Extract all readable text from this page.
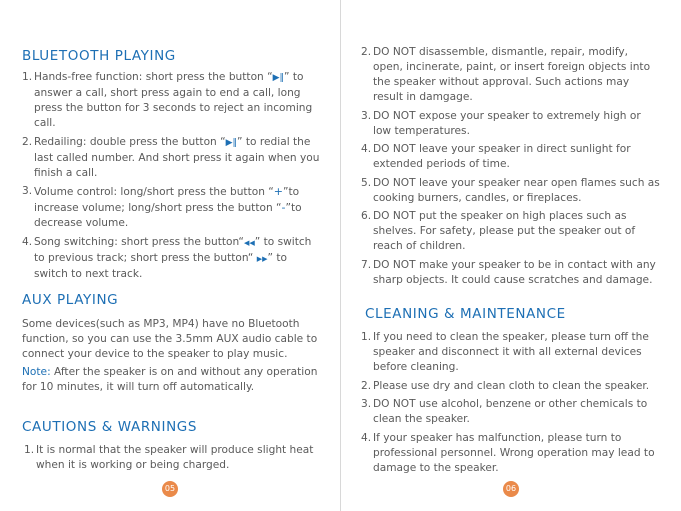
BLUETOOTH PLAYING
1. Hands-free function: short press the button “▶‖” to answer a call, short press again to end a call, long press the button for 3 seconds to reject an incoming call.
2. Redailing: double press the button “▶‖” to redial the last called number. And short press it again when you finish a call.
3. Volume control: long/short press the button “+”to increase volume; long/short press the button “-”to decrease volume.
4. Song switching: short press the button“◀◀” to switch to previous track; short press the button“ ▶▶” to switch to next track.
AUX PLAYING

Some devices(such as MP3, MP4) have no Bluetooth function, so you can use the 3.5mm AUX audio cable to connect your device to the speaker to play music.

Note: After the speaker is on and without any operation for 10 minutes, it will turn off automatically.

CAUTIONS & WARNINGS
1. It is normal that the speaker will produce slight heat when it is working or being charged.
05
2. DO NOT disassemble, dismantle, repair, modify, open, incinerate, paint, or insert foreign objects into the speaker without approval. Such actions may result in damgage.
3. DO NOT expose your speaker to extremely high or low temperatures.
4. DO NOT leave your speaker in direct sunlight for extended periods of time.
5. DO NOT leave your speaker near open flames such as cooking burners, candles, or fireplaces.
6. DO NOT put the speaker on high places such as shelves. For safety, please put the speaker out of reach of children.
7. DO NOT make your speaker to be in contact with any sharp objects. It could cause scratches and damage.
CLEANING & MAINTENANCE
1. If you need to clean the speaker, please turn off the speaker and disconnect it with all external devices before cleaning.
2. Please use dry and clean cloth to clean the speaker.
3. DO NOT use alcohol, benzene or other chemicals to clean the speaker.
4. If your speaker has malfunction, please turn to professional personnel. Wrong operation may lead to damage to the speaker.
06
